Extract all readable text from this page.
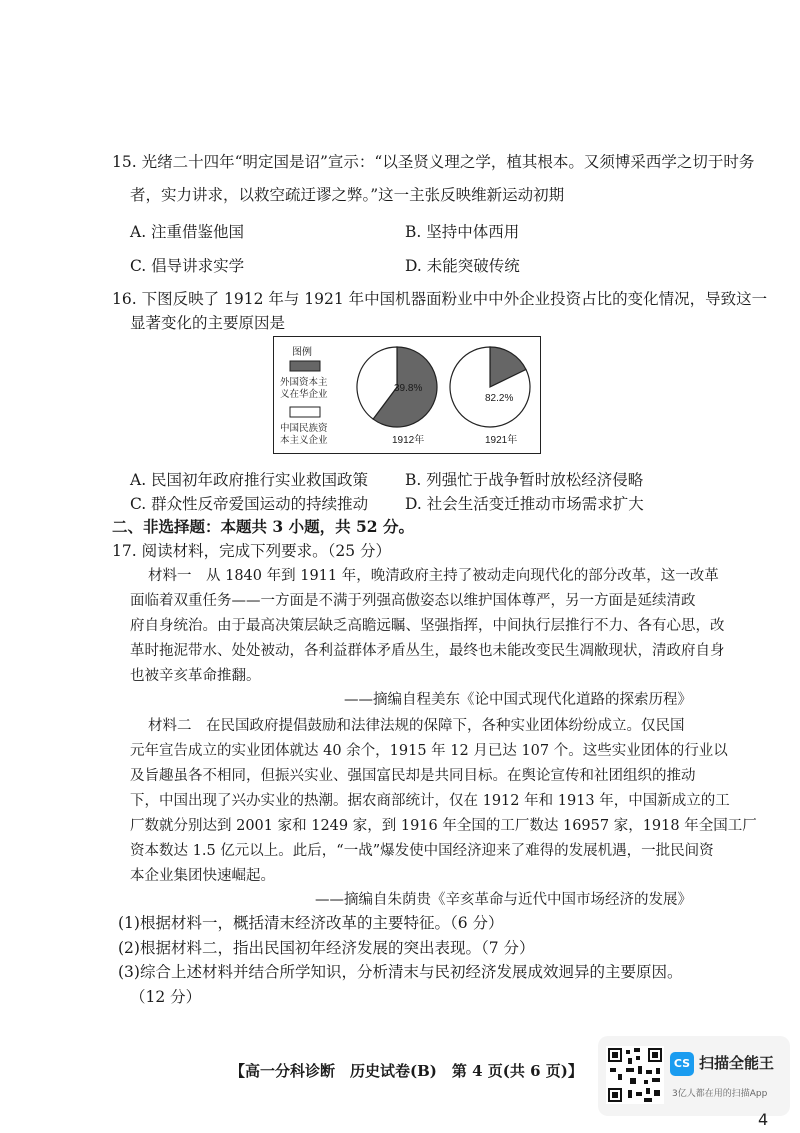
15. 光绪二十四年“明定国是诏”宣示：“以圣贤义理之学，植其根本。又须博采西学之切于时务
者，实力讲求，以救空疏迂谬之弊。”这一主张反映维新运动初期
A. 注重借鉴他国	B. 坚持中体西用
C. 倡导讲求实学	D. 未能突破传统
16. 下图反映了 1912 年与 1921 年中国机器面粉业中中外企业投资占比的变化情况，导致这一
显著变化的主要原因是
图例
外国资本主
义在华企业
中国民族资
本主义企业
39.8%
1912年
82.2%
1921年
A. 民国初年政府推行实业救国政策 B. 列强忙于战争暂时放松经济侵略
C. 群众性反帝爱国运动的持续推动 D. 社会生活变迁推动市场需求扩大
二、非选择题：本题共 3 小题，共 52 分。
17. 阅读材料，完成下列要求。（25 分）
材料一　从 1840 年到 1911 年，晚清政府主持了被动走向现代化的部分改革，这一改革
面临着双重任务——一方面是不满于列强高傲姿态以维护国体尊严，另一方面是延续清政
府自身统治。由于最高决策层缺乏高瞻远瞩、坚强指挥，中间执行层推行不力、各有心思，改
革时拖泥带水、处处被动，各利益群体矛盾丛生，最终也未能改变民生凋敝现状，清政府自身
也被辛亥革命推翻。
——摘编自程美东《论中国式现代化道路的探索历程》
材料二　在民国政府提倡鼓励和法律法规的保障下，各种实业团体纷纷成立。仅民国
元年宣告成立的实业团体就达 40 余个，1915 年 12 月已达 107 个。这些实业团体的行业以
及旨趣虽各不相同，但振兴实业、强国富民却是共同目标。在舆论宣传和社团组织的推动
下，中国出现了兴办实业的热潮。据农商部统计，仅在 1912 年和 1913 年，中国新成立的工
厂数就分别达到 2001 家和 1249 家，到 1916 年全国的工厂数达 16957 家，1918 年全国工厂
资本数达 1.5 亿元以上。此后，“一战”爆发使中国经济迎来了难得的发展机遇，一批民间资
本企业集团快速崛起。
——摘编自朱荫贵《辛亥革命与近代中国市场经济的发展》
(1)根据材料一，概括清末经济改革的主要特征。（6 分）
(2)根据材料二，指出民国初年经济发展的突出表现。（7 分）
(3)综合上述材料并结合所学知识，分析清末与民初经济发展成效迥异的主要原因。
（12 分）
【高一分科诊断　历史试卷(B)　第 4 页(共 6 页)】	CS 扫描全能王
3亿人都在用的扫描App
4
